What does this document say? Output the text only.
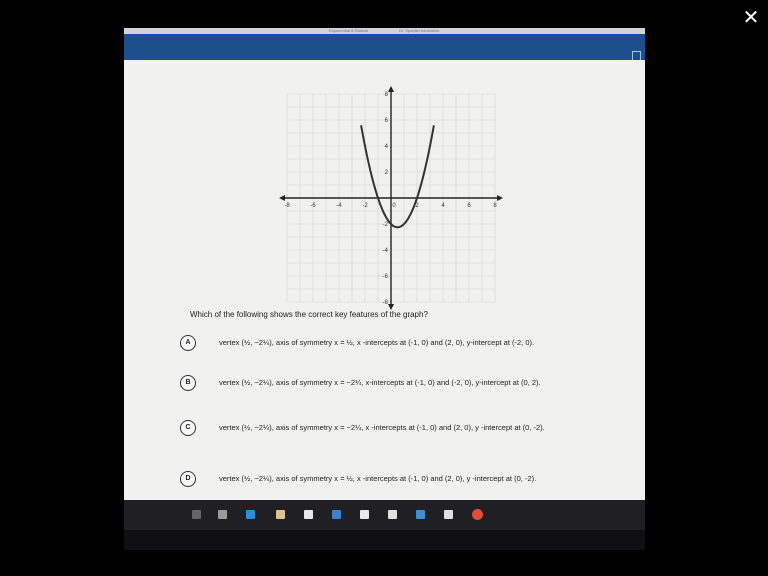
✕
Exponential & Radical	Dr. Spanish translation
-8	-6	-4	-2	0	2	4	6	8
8
6
4
2
-2
-4
-6
-8
Which of the following shows the correct key features of the graph?
A	vertex (½, −2¼), axis of symmetry x = ½, x -intercepts at (-1, 0) and (2, 0), y-intercept at (-2, 0).
B	vertex (½, −2¼), axis of symmetry x = −2¼, x-intercepts at (-1, 0) and (-2, 0), y-intercept at (0, 2).
C	vertex (½, −2¼), axis of symmetry x = −2¼, x -intercepts at (-1, 0) and (2, 0), y -intercept at (0, -2).
D	vertex (½, −2¼), axis of symmetry x = ½, x -intercepts at (-1, 0) and (2, 0), y -intercept at (0, -2).
